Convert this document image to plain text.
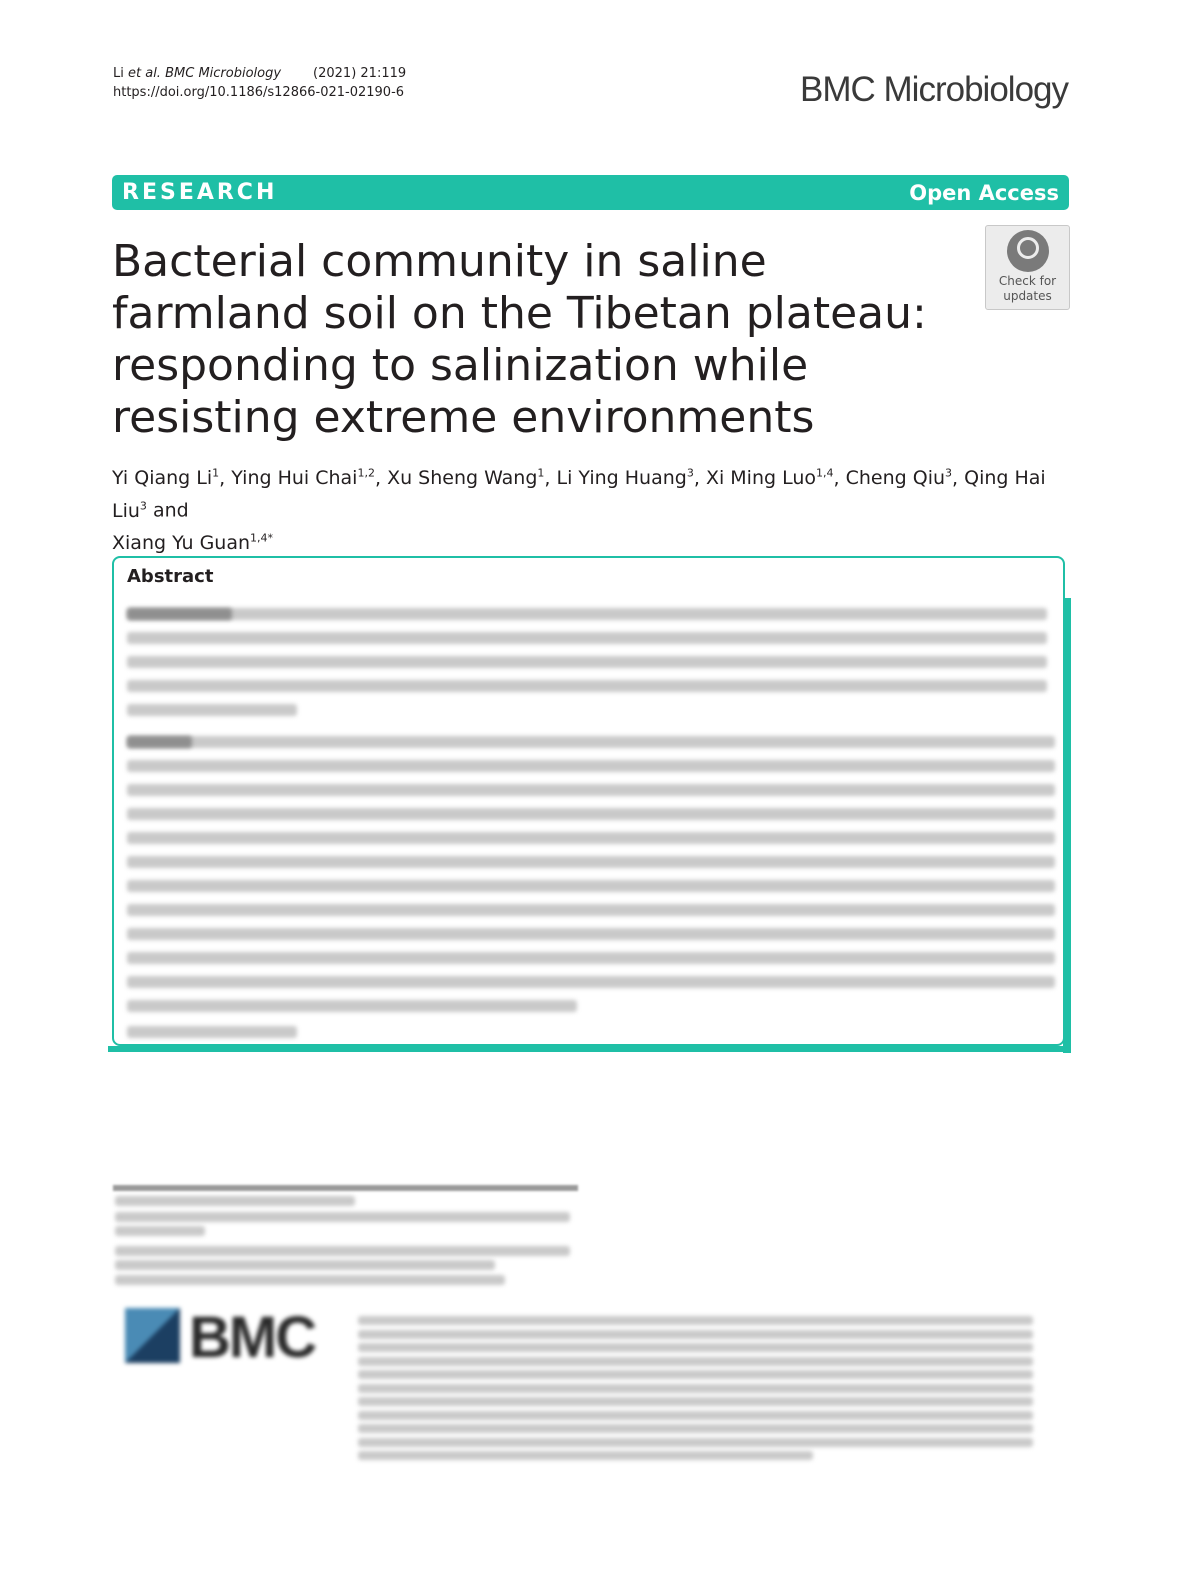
Li et al. BMC Microbiology (2021) 21:119
https://doi.org/10.1186/s12866-021-02190-6	BMC Microbiology
RESEARCH	Open Access
Bacterial community in saline farmland soil on the Tibetan plateau: responding to salinization while resisting extreme environments
Check for
updates
Yi Qiang Li$^1$, Ying Hui Chai$^{1,2}$, Xu Sheng Wang$^1$, Li Ying Huang$^3$, Xi Ming Luo$^{1,4}$, Cheng Qiu$^3$, Qing Hai Liu$^3$ and
Xiang Yu Guan$^{1,4*}$
Abstract
BMC
